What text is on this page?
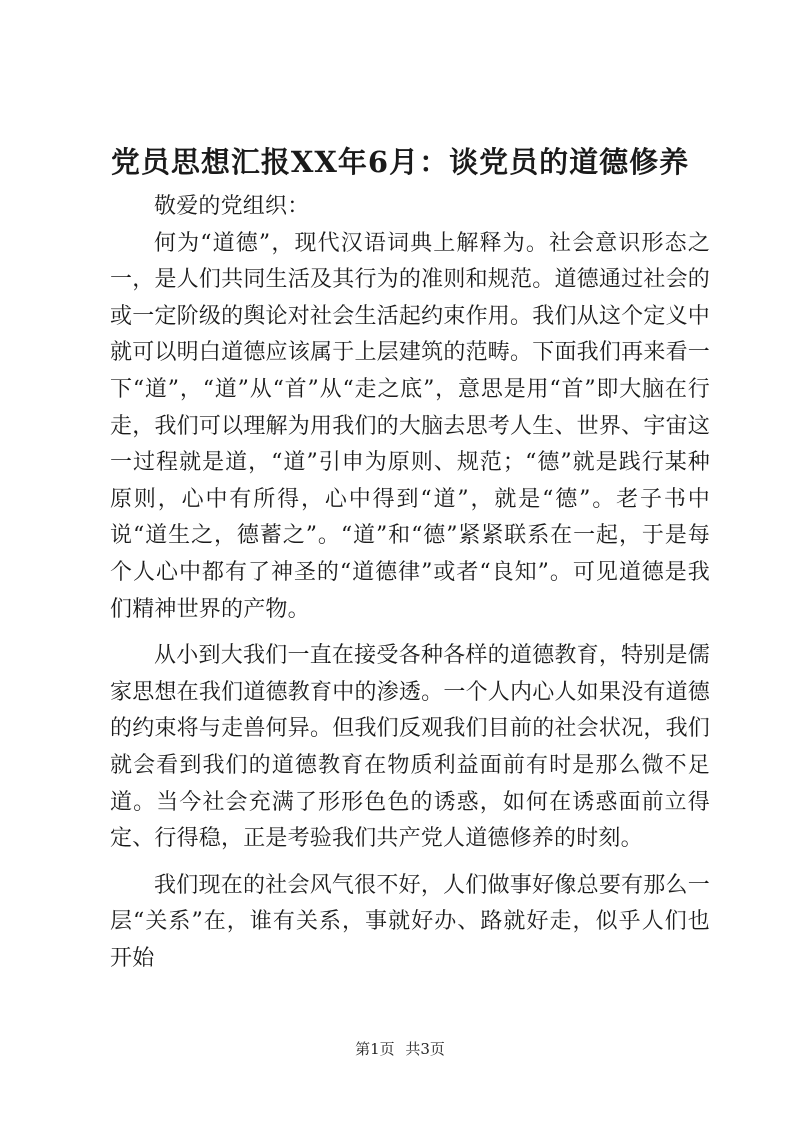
党员思想汇报XX年6月：谈党员的道德修养

敬爱的党组织：

何为“道德”，现代汉语词典上解释为。社会意识形态之一，是人们共同生活及其行为的准则和规范。道德通过社会的或一定阶级的舆论对社会生活起约束作用。我们从这个定义中就可以明白道德应该属于上层建筑的范畴。下面我们再来看一下“道”，“道”从“首”从“走之底”，意思是用“首”即大脑在行走，我们可以理解为用我们的大脑去思考人生、世界、宇宙这一过程就是道，“道”引申为原则、规范；“德”就是践行某种原则，心中有所得，心中得到“道”，就是“德”。老子书中说“道生之，德蓄之”。“道”和“德”紧紧联系在一起，于是每个人心中都有了神圣的“道德律”或者“良知”。可见道德是我们精神世界的产物。

从小到大我们一直在接受各种各样的道德教育，特别是儒家思想在我们道德教育中的渗透。一个人内心人如果没有道德的约束将与走兽何异。但我们反观我们目前的社会状况，我们就会看到我们的道德教育在物质利益面前有时是那么微不足道。当今社会充满了形形色色的诱惑，如何在诱惑面前立得定、行得稳，正是考验我们共产党人道德修养的时刻。

我们现在的社会风气很不好，人们做事好像总要有那么一层“关系”在，谁有关系，事就好办、路就好走，似乎人们也开始

第1页 共3页
